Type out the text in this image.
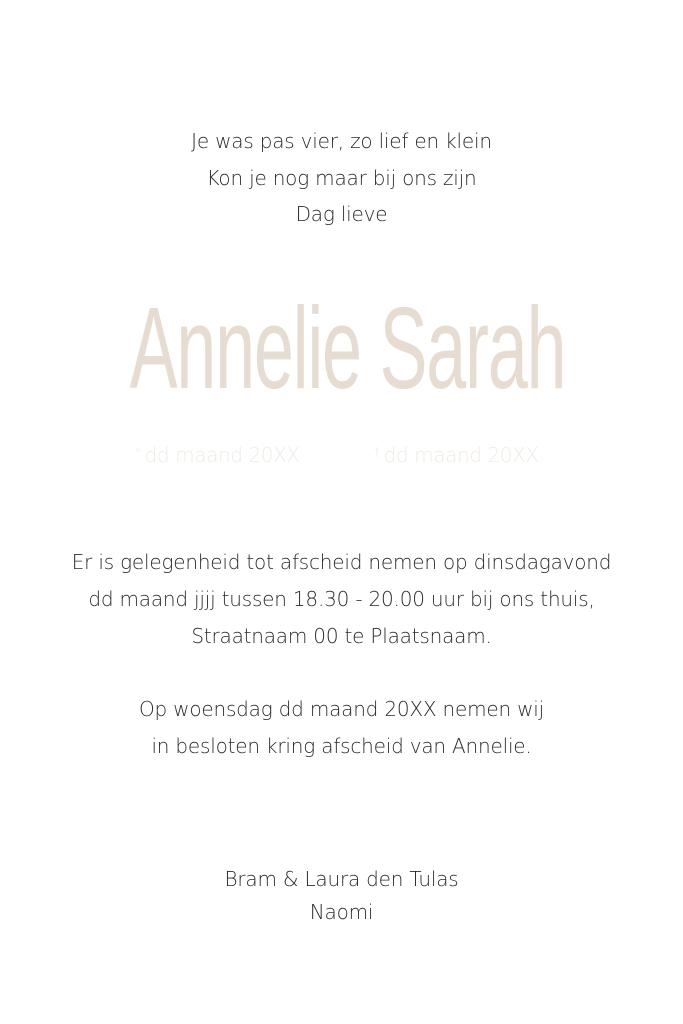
Je was pas vier, zo lief en klein
Kon je nog maar bij ons zijn
Dag lieve
Annelie Sarah
* dd maand 20XX	† dd maand 20XX
Er is gelegenheid tot afscheid nemen op dinsdagavond
dd maand jjjj tussen 18.30 - 20.00 uur bij ons thuis,
Straatnaam 00 te Plaatsnaam.
Op woensdag dd maand 20XX nemen wij
in besloten kring afscheid van Annelie.
Bram & Laura den Tulas
Naomi
